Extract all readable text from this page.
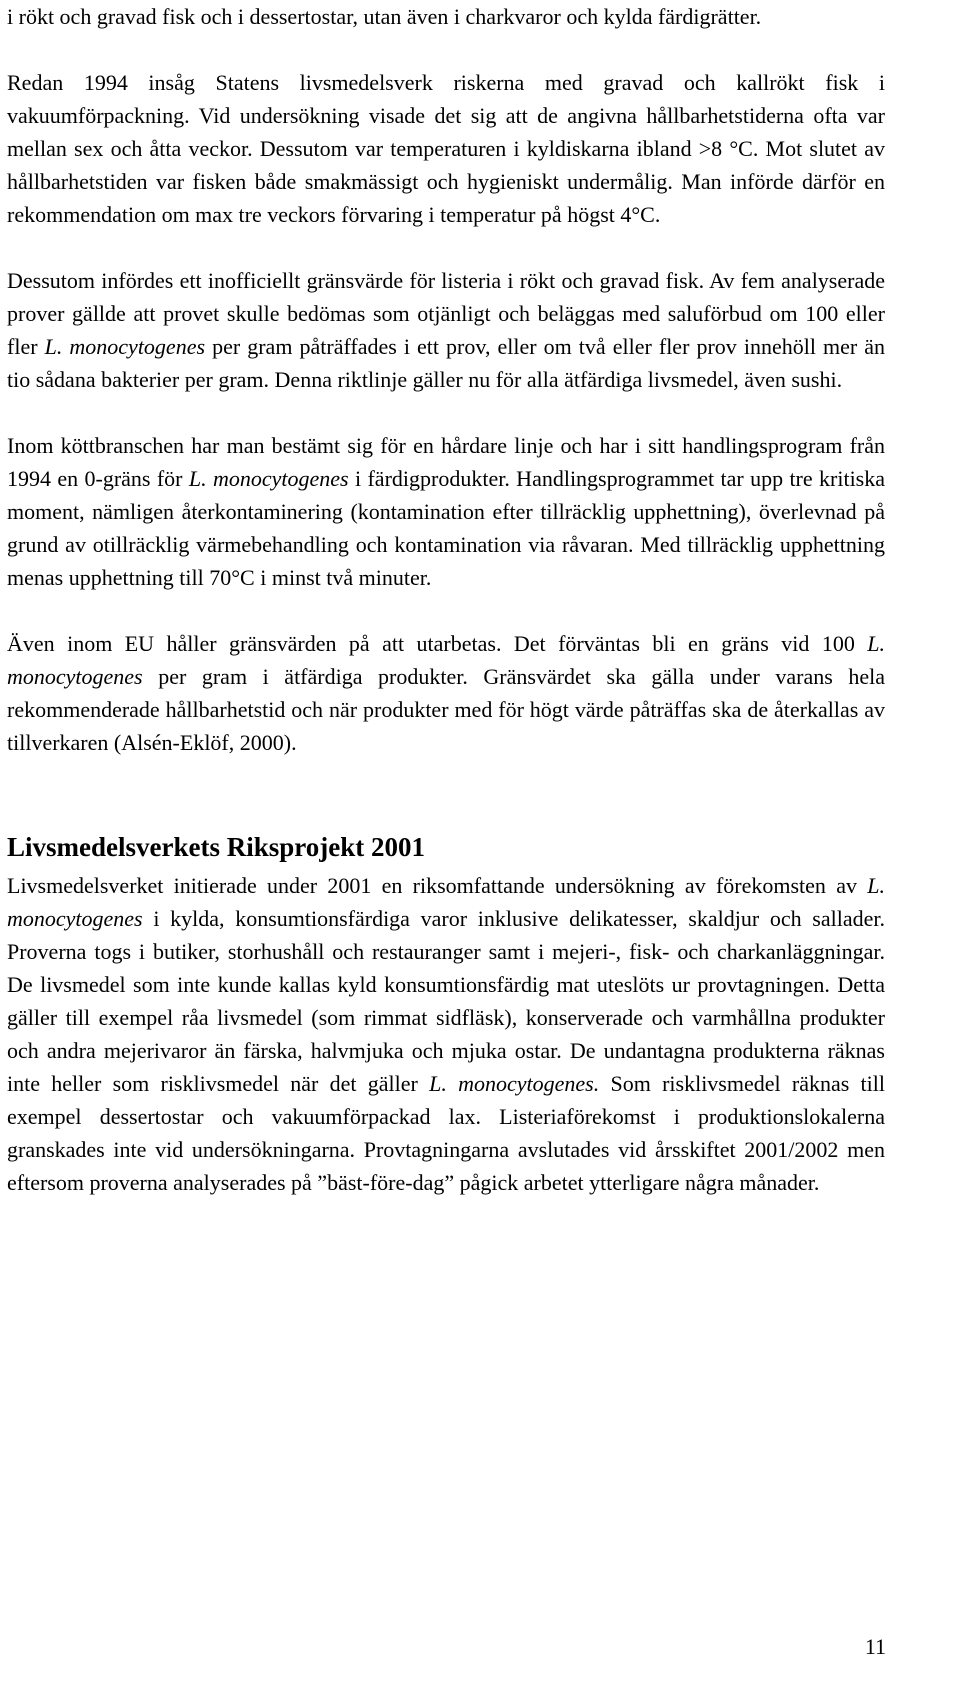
i rökt och gravad fisk och i dessertostar, utan även i charkvaror och kylda färdigrätter.

Redan 1994 insåg Statens livsmedelsverk riskerna med gravad och kallrökt fisk i vakuumförpackning. Vid undersökning visade det sig att de angivna hållbarhetstiderna ofta var mellan sex och åtta veckor. Dessutom var temperaturen i kyldiskarna ibland >8 °C. Mot slutet av hållbarhetstiden var fisken både smakmässigt och hygieniskt undermålig. Man införde därför en rekommendation om max tre veckors förvaring i temperatur på högst 4°C.

Dessutom infördes ett inofficiellt gränsvärde för listeria i rökt och gravad fisk. Av fem analyserade prover gällde att provet skulle bedömas som otjänligt och beläggas med saluförbud om 100 eller fler L. monocytogenes per gram påträffades i ett prov, eller om två eller fler prov innehöll mer än tio sådana bakterier per gram. Denna riktlinje gäller nu för alla ätfärdiga livsmedel, även sushi.

Inom köttbranschen har man bestämt sig för en hårdare linje och har i sitt handlingsprogram från 1994 en 0-gräns för L. monocytogenes i färdigprodukter. Handlingsprogrammet tar upp tre kritiska moment, nämligen återkontaminering (kontamination efter tillräcklig upphettning), överlevnad på grund av otillräcklig värmebehandling och kontamination via råvaran. Med tillräcklig upphettning menas upphettning till 70°C i minst två minuter.

Även inom EU håller gränsvärden på att utarbetas. Det förväntas bli en gräns vid 100 L. monocytogenes per gram i ätfärdiga produkter. Gränsvärdet ska gälla under varans hela rekommenderade hållbarhetstid och när produkter med för högt värde påträffas ska de återkallas av tillverkaren (Alsén-Eklöf, 2000).

Livsmedelsverkets Riksprojekt 2001

Livsmedelsverket initierade under 2001 en riksomfattande undersökning av förekomsten av L. monocytogenes i kylda, konsumtionsfärdiga varor inklusive delikatesser, skaldjur och sallader. Proverna togs i butiker, storhushåll och restauranger samt i mejeri-, fisk- och charkanläggningar. De livsmedel som inte kunde kallas kyld konsumtionsfärdig mat uteslöts ur provtagningen. Detta gäller till exempel råa livsmedel (som rimmat sidfläsk), konserverade och varmhållna produkter och andra mejerivaror än färska, halvmjuka och mjuka ostar. De undantagna produkterna räknas inte heller som risklivsmedel när det gäller L. monocytogenes. Som risklivsmedel räknas till exempel dessertostar och vakuumförpackad lax. Listeriaförekomst i produktionslokalerna granskades inte vid undersökningarna. Provtagningarna avslutades vid årsskiftet 2001/2002 men eftersom proverna analyserades på ”bäst-före-dag” pågick arbetet ytterligare några månader.

11
